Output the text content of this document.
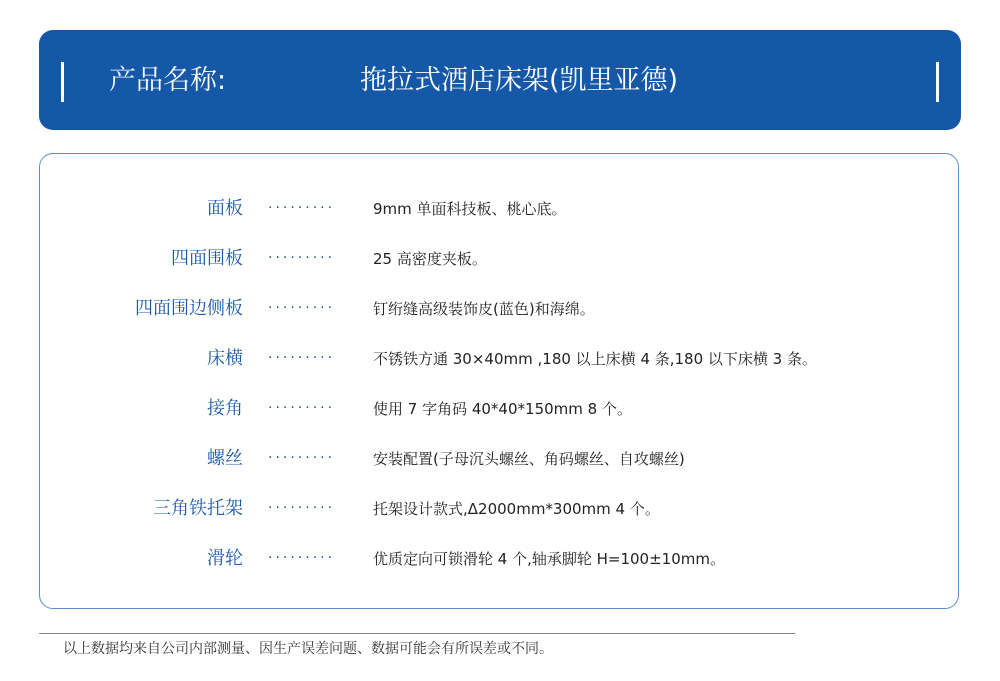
产品名称:	拖拉式酒店床架(凯里亚德)
面板 ·········	9mm 单面科技板、桃心底。
四面围板 ·········	25 高密度夹板。
四面围边侧板 ·········	钉绗缝高级装饰皮(蓝色)和海绵。
床横 ·········	不锈铁方通 30×40mm ,180 以上床横 4 条,180 以下床横 3 条。
接角 ·········	使用 7 字角码 40*40*150mm 8 个。
螺丝 ·········	安装配置(子母沉头螺丝、角码螺丝、自攻螺丝)
三角铁托架 ·········	托架设计款式,Δ2000mm*300mm 4 个。
滑轮 ·········	优质定向可锁滑轮 4 个,轴承脚轮 H=100±10mm。
以上数据均来自公司内部测量、因生产误差问题、数据可能会有所误差或不同。
